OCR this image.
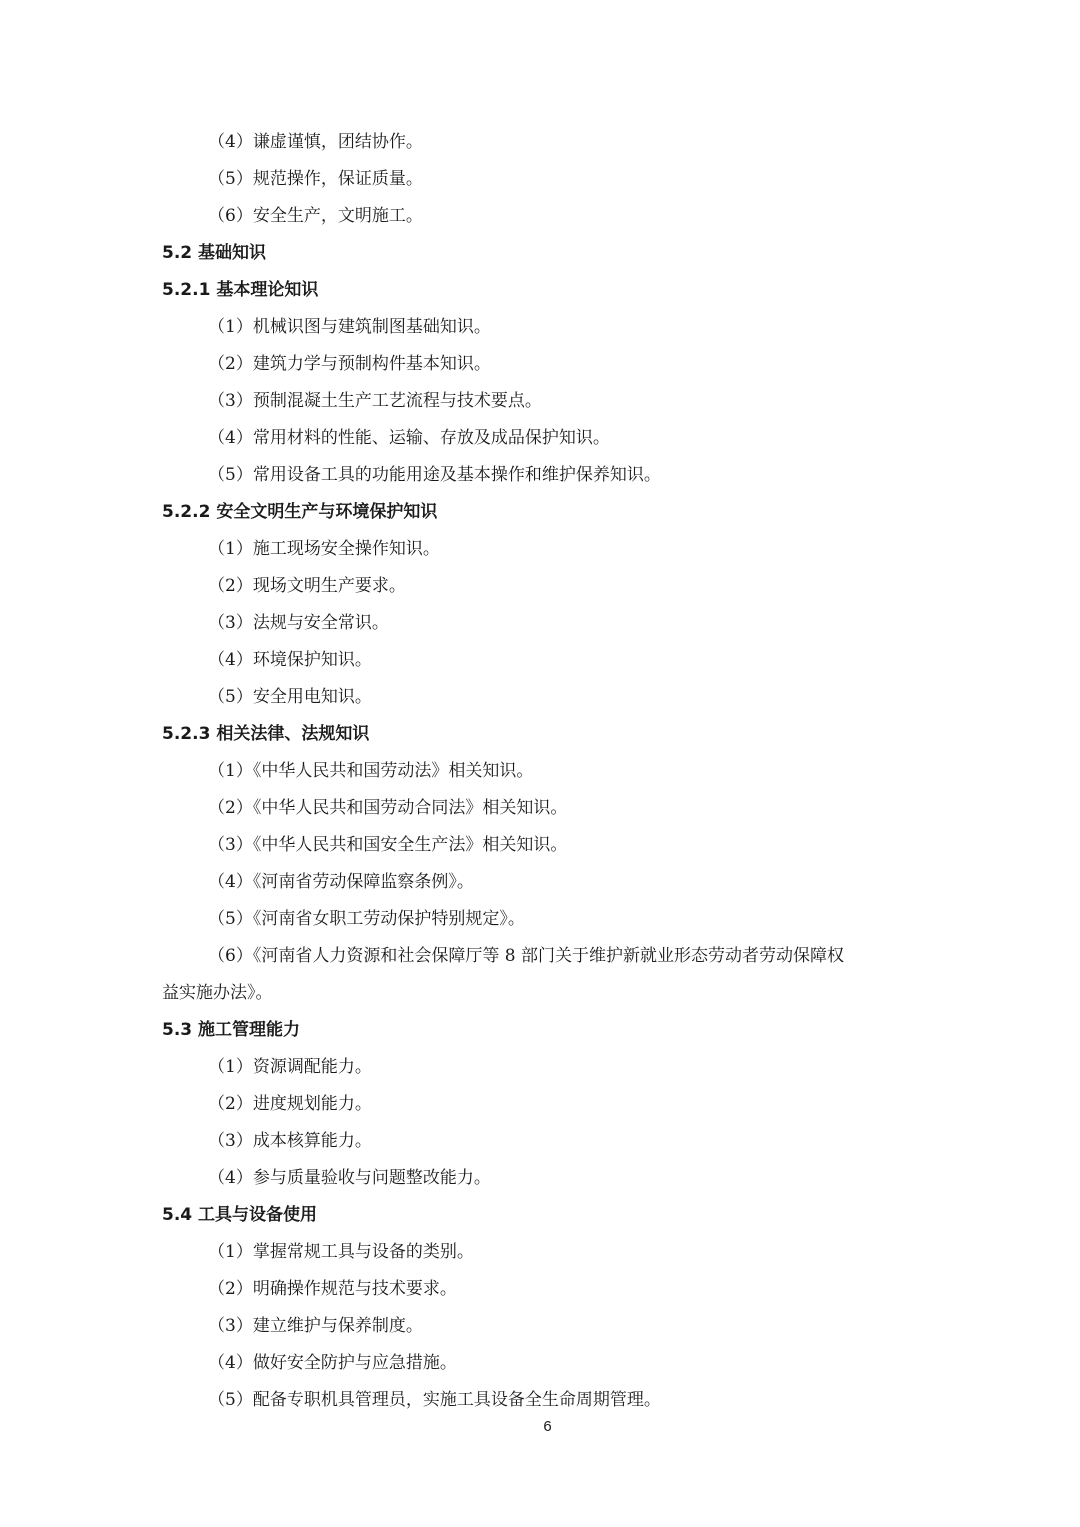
（4）谦虚谨慎，团结协作。
（5）规范操作，保证质量。
（6）安全生产，文明施工。
5.2 基础知识
5.2.1 基本理论知识
（1）机械识图与建筑制图基础知识。
（2）建筑力学与预制构件基本知识。
（3）预制混凝土生产工艺流程与技术要点。
（4）常用材料的性能、运输、存放及成品保护知识。
（5）常用设备工具的功能用途及基本操作和维护保养知识。
5.2.2 安全文明生产与环境保护知识
（1）施工现场安全操作知识。
（2）现场文明生产要求。
（3）法规与安全常识。
（4）环境保护知识。
（5）安全用电知识。
5.2.3 相关法律、法规知识
（1）《中华人民共和国劳动法》相关知识。
（2）《中华人民共和国劳动合同法》相关知识。
（3）《中华人民共和国安全生产法》相关知识。
（4）《河南省劳动保障监察条例》。
（5）《河南省女职工劳动保护特别规定》。
（6）《河南省人力资源和社会保障厅等 8 部门关于维护新就业形态劳动者劳动保障权
益实施办法》。
5.3 施工管理能力
（1）资源调配能力。
（2）进度规划能力。
（3）成本核算能力。
（4）参与质量验收与问题整改能力。
5.4 工具与设备使用
（1）掌握常规工具与设备的类别。
（2）明确操作规范与技术要求。
（3）建立维护与保养制度。
（4）做好安全防护与应急措施。
（5）配备专职机具管理员，实施工具设备全生命周期管理。
6
